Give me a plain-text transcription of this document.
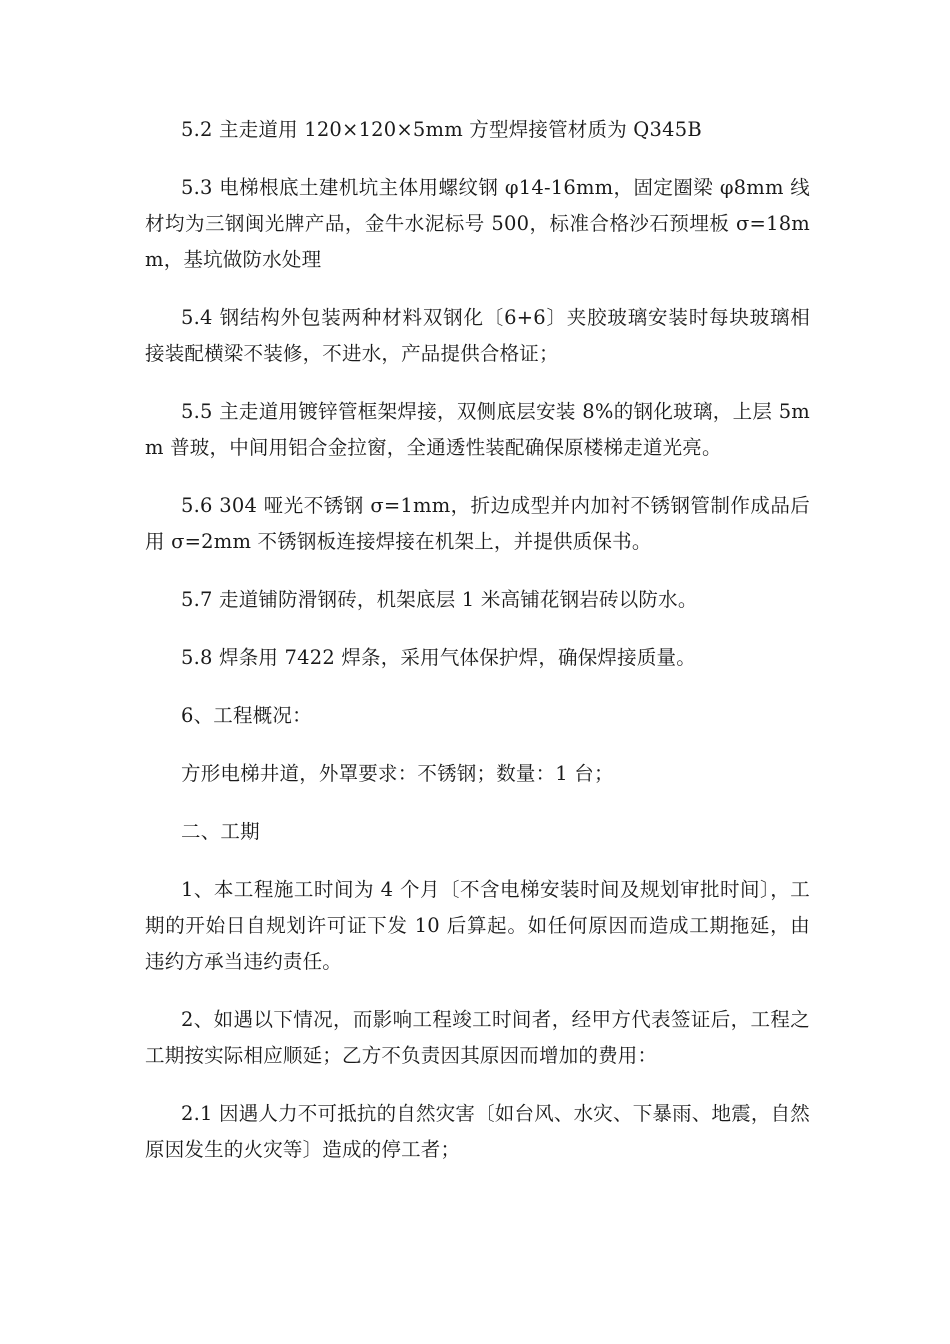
5.2 主走道用 120×120×5mm 方型焊接管材质为 Q345B

5.3 电梯根底土建机坑主体用螺纹钢 φ14-16mm，固定圈梁 φ8mm 线材均为三钢闽光牌产品，金牛水泥标号 500，标准合格沙石预埋板 σ=18mm，基坑做防水处理

5.4 钢结构外包装两种材料双钢化〔6+6〕夹胶玻璃安装时每块玻璃相接装配横梁不装修，不进水，产品提供合格证；

5.5 主走道用镀锌管框架焊接，双侧底层安装 8%的钢化玻璃，上层 5mm 普玻，中间用铝合金拉窗，全通透性装配确保原楼梯走道光亮。

5.6 304 哑光不锈钢 σ=1mm，折边成型并内加衬不锈钢管制作成品后用 σ=2mm 不锈钢板连接焊接在机架上，并提供质保书。

5.7 走道铺防滑钢砖，机架底层 1 米高铺花钢岩砖以防水。

5.8 焊条用 7422 焊条，采用气体保护焊，确保焊接质量。

6、工程概况：

方形电梯井道，外罩要求：不锈钢；数量：1 台；

二、工期

1、本工程施工时间为 4 个月〔不含电梯安装时间及规划审批时间〕，工期的开始日自规划许可证下发 10 后算起。如任何原因而造成工期拖延，由违约方承当违约责任。

2、如遇以下情况，而影响工程竣工时间者，经甲方代表签证后，工程之工期按实际相应顺延；乙方不负责因其原因而增加的费用：

2.1 因遇人力不可抵抗的自然灾害〔如台风、水灾、下暴雨、地震，自然原因发生的火灾等〕造成的停工者；
